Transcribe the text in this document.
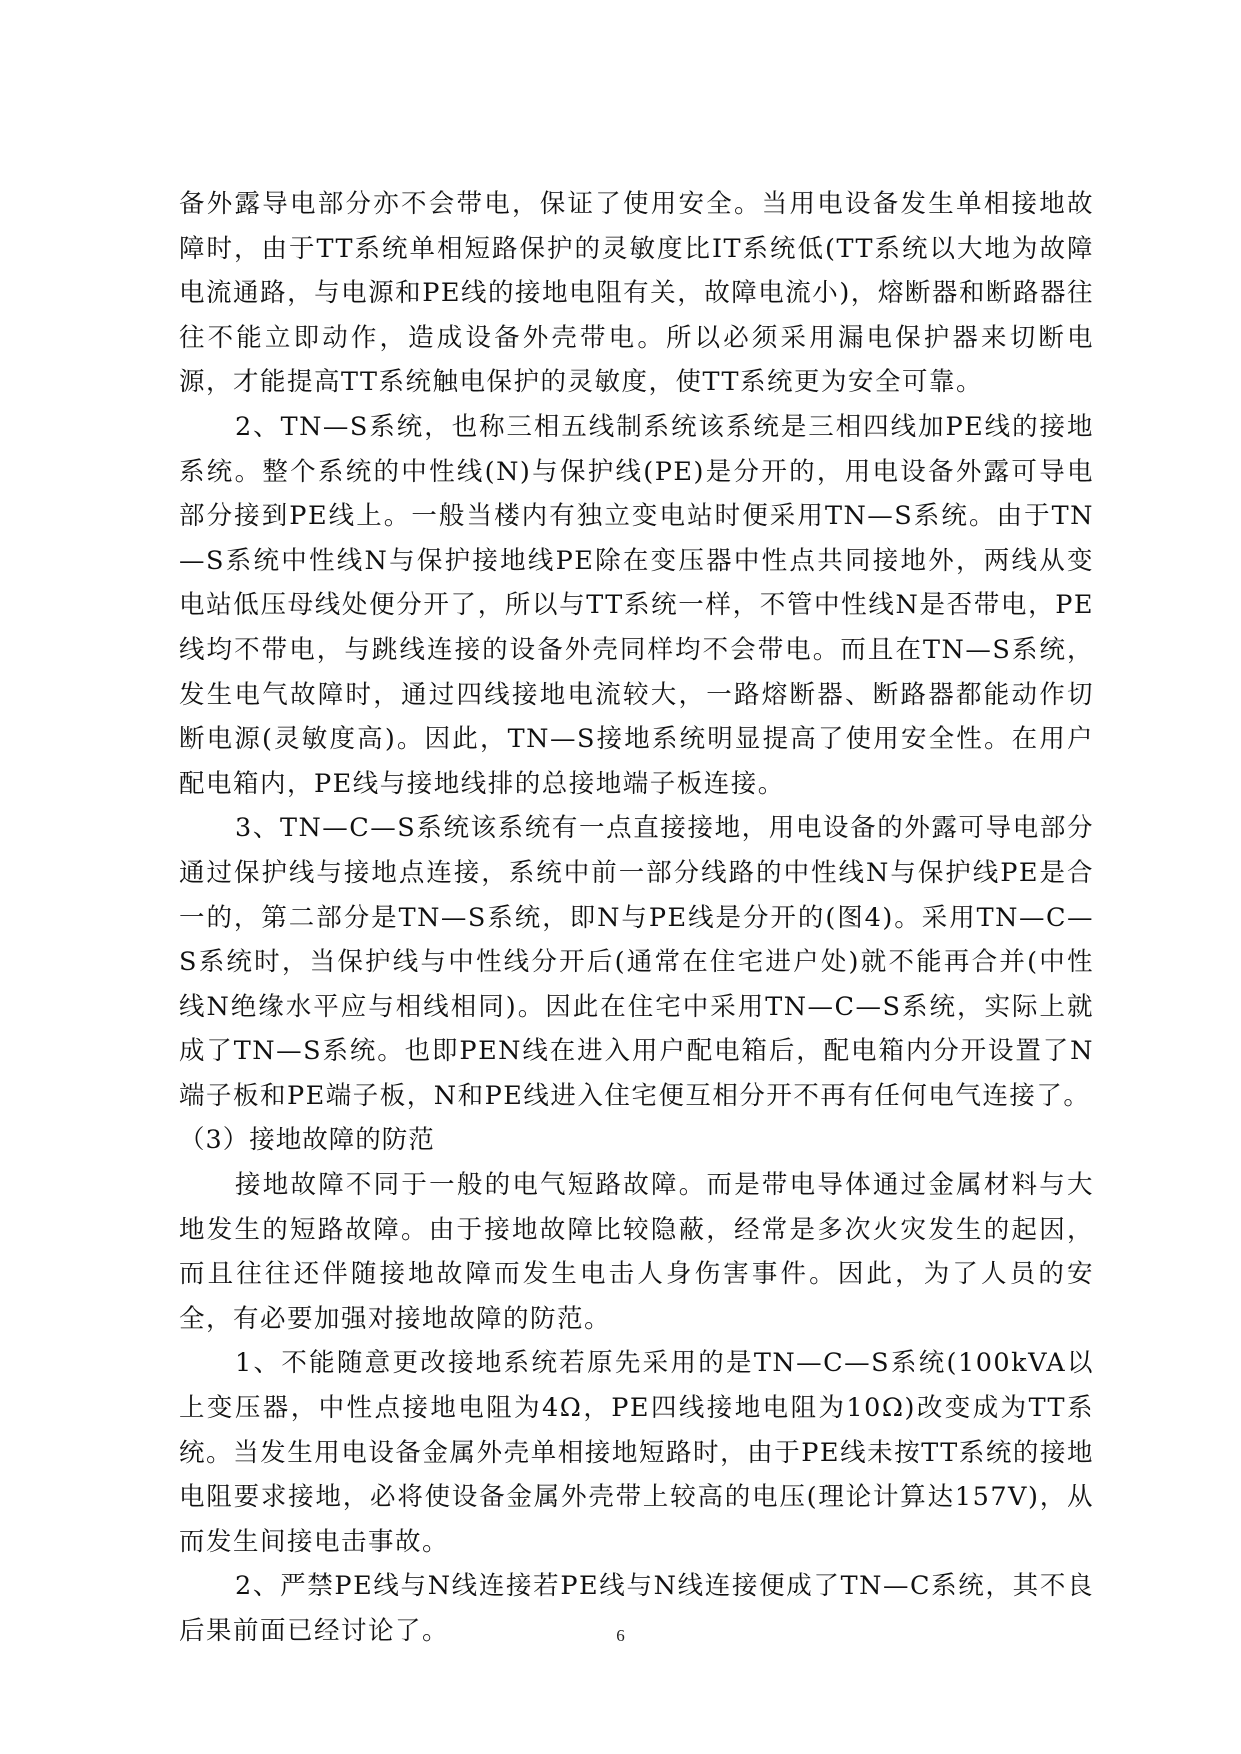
备外露导电部分亦不会带电，保证了使用安全。当用电设备发生单相接地故障时，由于TT系统单相短路保护的灵敏度比IT系统低(TT系统以大地为故障电流通路，与电源和PE线的接地电阻有关，故障电流小)，熔断器和断路器往往不能立即动作，造成设备外壳带电。所以必须采用漏电保护器来切断电源，才能提高TT系统触电保护的灵敏度，使TT系统更为安全可靠。

2、TN—S系统，也称三相五线制系统该系统是三相四线加PE线的接地系统。整个系统的中性线(N)与保护线(PE)是分开的，用电设备外露可导电部分接到PE线上。一般当楼内有独立变电站时便采用TN—S系统。由于TN—S系统中性线N与保护接地线PE除在变压器中性点共同接地外，两线从变电站低压母线处便分开了，所以与TT系统一样，不管中性线N是否带电，PE线均不带电，与跳线连接的设备外壳同样均不会带电。而且在TN—S系统，发生电气故障时，通过四线接地电流较大，一路熔断器、断路器都能动作切断电源(灵敏度高)。因此，TN—S接地系统明显提高了使用安全性。在用户配电箱内，PE线与接地线排的总接地端子板连接。

3、TN—C—S系统该系统有一点直接接地，用电设备的外露可导电部分通过保护线与接地点连接，系统中前一部分线路的中性线N与保护线PE是合一的，第二部分是TN—S系统，即N与PE线是分开的(图4)。采用TN—C—S系统时，当保护线与中性线分开后(通常在住宅进户处)就不能再合并(中性线N绝缘水平应与相线相同)。因此在住宅中采用TN—C—S系统，实际上就成了TN—S系统。也即PEN线在进入用户配电箱后，配电箱内分开设置了N端子板和PE端子板，N和PE线进入住宅便互相分开不再有任何电气连接了。

（3）接地故障的防范

接地故障不同于一般的电气短路故障。而是带电导体通过金属材料与大地发生的短路故障。由于接地故障比较隐蔽，经常是多次火灾发生的起因，而且往往还伴随接地故障而发生电击人身伤害事件。因此，为了人员的安全，有必要加强对接地故障的防范。

1、不能随意更改接地系统若原先采用的是TN—C—S系统(100kVA以上变压器，中性点接地电阻为4Ω，PE四线接地电阻为10Ω)改变成为TT系统。当发生用电设备金属外壳单相接地短路时，由于PE线未按TT系统的接地电阻要求接地，必将使设备金属外壳带上较高的电压(理论计算达157V)，从而发生间接电击事故。

2、严禁PE线与N线连接若PE线与N线连接便成了TN—C系统，其不良后果前面已经讨论了。	6
